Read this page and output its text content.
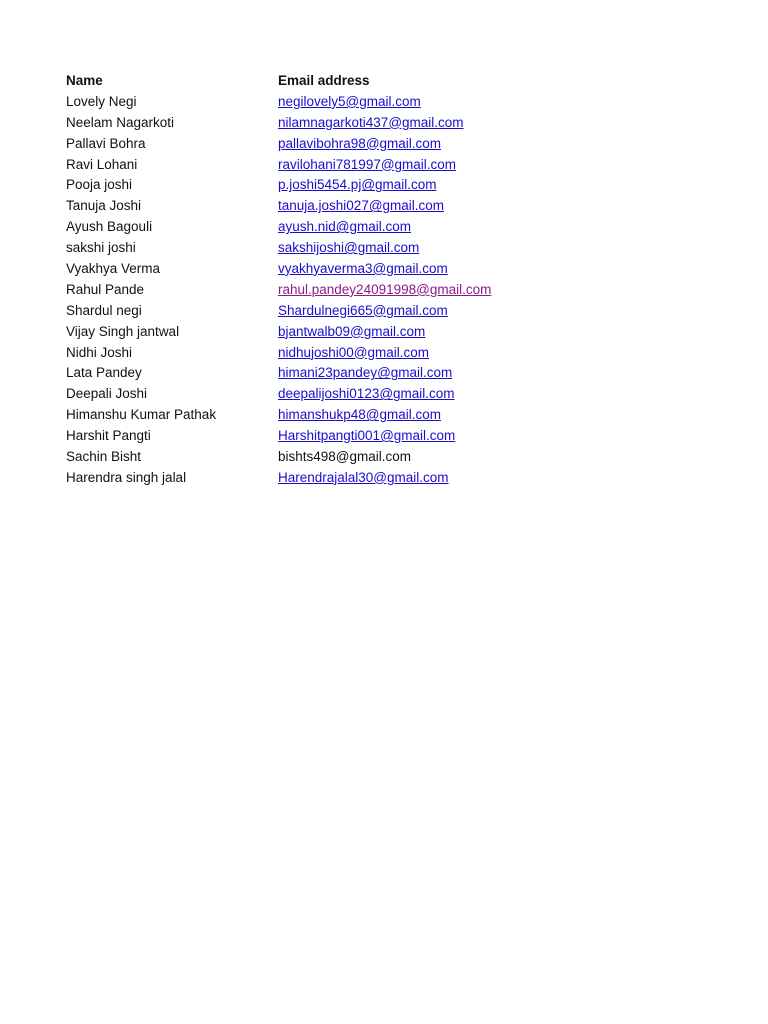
Name	Email address
Lovely Negi	negilovely5@gmail.com
Neelam Nagarkoti	nilamnagarkoti437@gmail.com
Pallavi Bohra	pallavibohra98@gmail.com
Ravi Lohani	ravilohani781997@gmail.com
Pooja joshi	p.joshi5454.pj@gmail.com
Tanuja Joshi	tanuja.joshi027@gmail.com
Ayush Bagouli	ayush.nid@gmail.com
sakshi joshi	sakshijoshi@gmail.com
Vyakhya Verma	vyakhyaverma3@gmail.com
Rahul Pande	rahul.pandey24091998@gmail.com
Shardul negi	Shardulnegi665@gmail.com
Vijay Singh jantwal	bjantwalb09@gmail.com
Nidhi Joshi	nidhujoshi00@gmail.com
Lata Pandey	himani23pandey@gmail.com
Deepali Joshi	deepalijoshi0123@gmail.com
Himanshu Kumar Pathak	himanshukp48@gmail.com
Harshit Pangti	Harshitpangti001@gmail.com
Sachin Bisht	bishts498@gmail.com
Harendra singh jalal	Harendrajalal30@gmail.com
